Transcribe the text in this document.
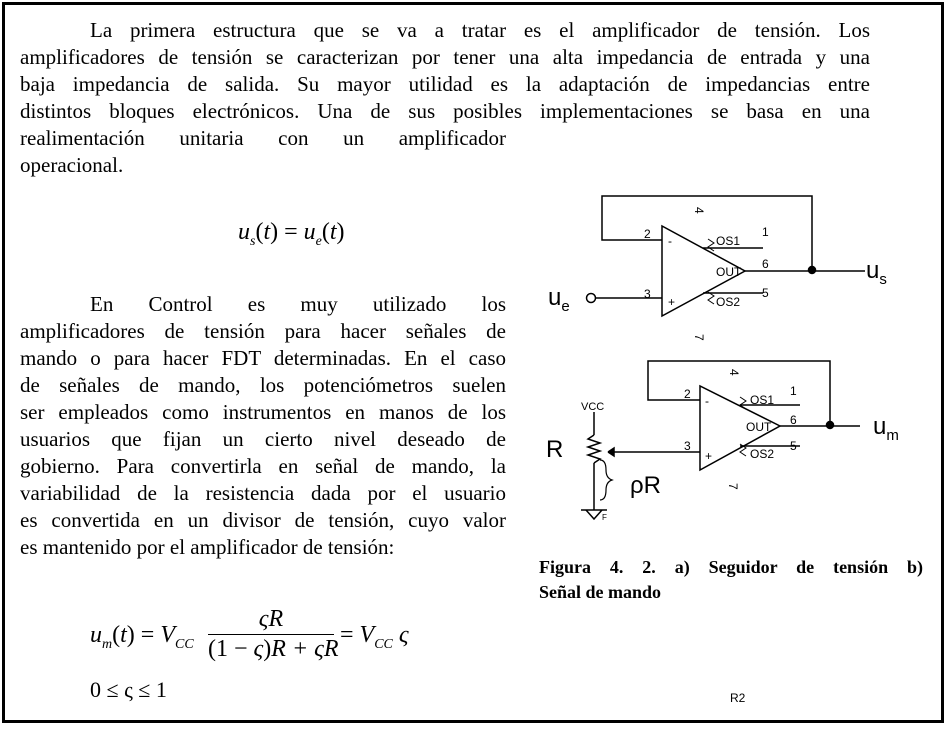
La primera estructura que se va a tratar es el amplificador de tensión. Los
amplificadores de tensión se caracterizan por tener una alta impedancia de entrada y una
baja impedancia de salida. Su mayor utilidad es la adaptación de impedancias entre
distintos bloques electrónicos. Una de sus posibles implementaciones se basa en una
realimentación unitaria con un amplificador
operacional.

$u_s(t) = u_e(t)$

En Control es muy utilizado los
amplificadores de tensión para hacer señales de
mando o para hacer FDT determinadas. En el caso
de señales de mando, los potenciómetros suelen
ser empleados como instrumentos en manos de los
usuarios que fijan un cierto nivel deseado de
gobierno. Para convertirla en señal de mando, la
variabilidad de la resistencia dada por el usuario
es convertida en un divisor de tensión, cuyo valor
es mantenido por el amplificador de tensión:

$u_m(t) = V_{CC}$
ςR
(1 − ς)R + ςR
= $V_{CC}$ ς
0 ≤ ς ≤ 1
4
2 -
3
+
OS1
1
OUT
6
OS2
5
7
$u_e$
$u_s$
4
2 -
3
+
OS1
1
OUT 6
OS2
5
7
VCC
F
R
ρR
$u_m$

Figura 4. 2. a) Seguidor de tensión b)
Señal de mando

R2
